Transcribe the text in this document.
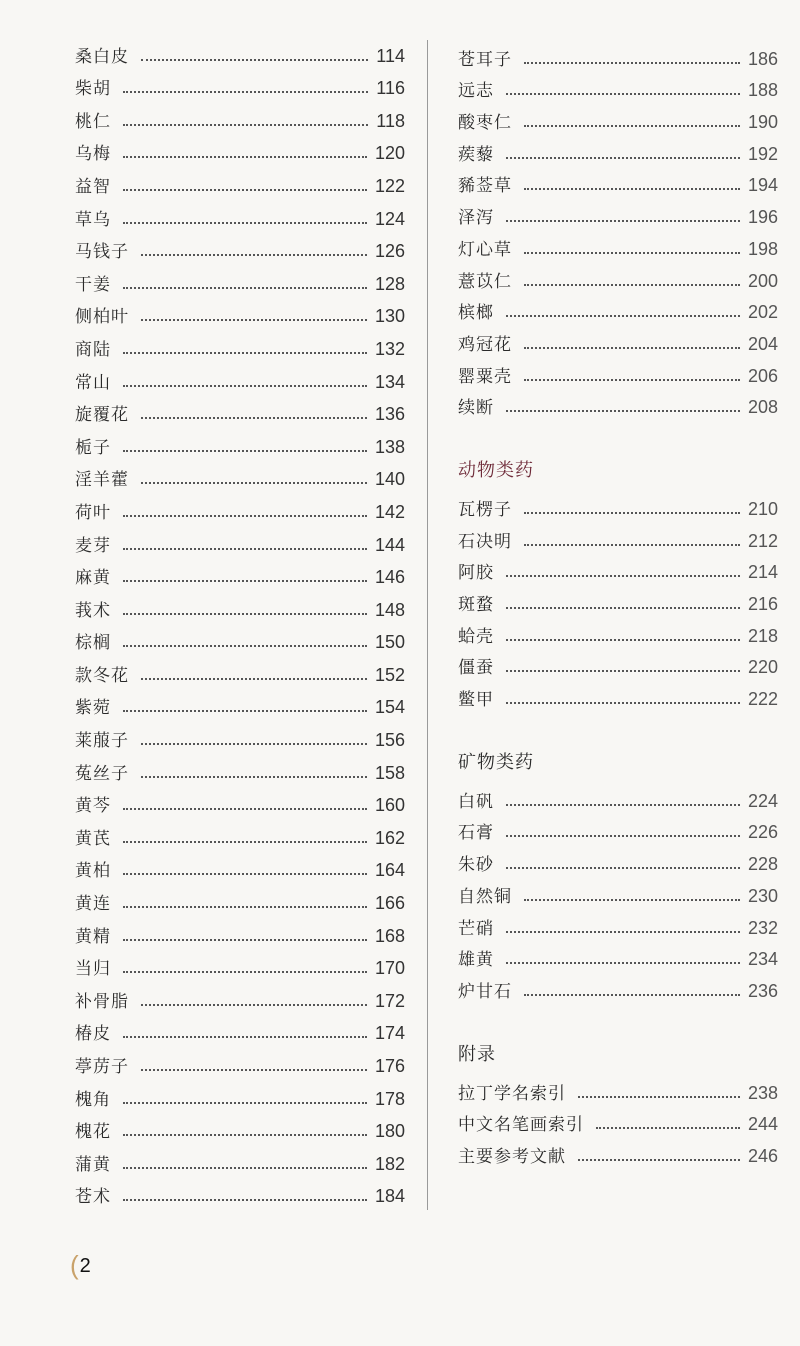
桑白皮	114
柴胡	116
桃仁	118
乌梅	120
益智	122
草乌	124
马钱子	126
干姜	128
侧柏叶	130
商陆	132
常山	134
旋覆花	136
栀子	138
淫羊藿	140
荷叶	142
麦芽	144
麻黄	146
莪术	148
棕榈	150
款冬花	152
紫菀	154
莱菔子	156
菟丝子	158
黄芩	160
黄芪	162
黄柏	164
黄连	166
黄精	168
当归	170
补骨脂	172
椿皮	174
葶苈子	176
槐角	178
槐花	180
蒲黄	182
苍术	184
苍耳子	186
远志	188
酸枣仁	190
蒺藜	192
豨莶草	194
泽泻	196
灯心草	198
薏苡仁	200
槟榔	202
鸡冠花	204
罂粟壳	206
续断	208
动物类药
瓦楞子	210
石决明	212
阿胶	214
斑蝥	216
蛤壳	218
僵蚕	220
鳖甲	222
矿物类药
白矾	224
石膏	226
朱砂	228
自然铜	230
芒硝	232
雄黄	234
炉甘石	236
附录
拉丁学名索引	238
中文名笔画索引	244
主要参考文献	246
(2
